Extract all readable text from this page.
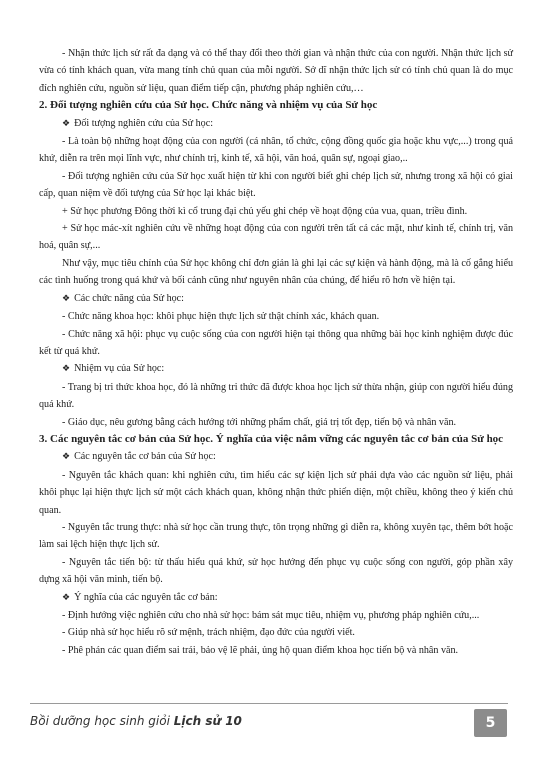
- Nhận thức lịch sử rất đa dạng và có thể thay đổi theo thời gian và nhận thức của con người. Nhận thức lịch sử vừa có tính khách quan, vừa mang tính chủ quan của mỗi người. Sở dĩ nhận thức lịch sử có tính chủ quan là do mục đích nghiên cứu, nguồn sử liệu, quan điểm tiếp cận, phương pháp nghiên cứu,…

2. Đối tượng nghiên cứu của Sử học. Chức năng và nhiệm vụ của Sử học

❖ Đối tượng nghiên cứu của Sử học:

- Là toàn bộ những hoạt động của con người (cá nhân, tổ chức, cộng đồng quốc gia hoặc khu vực,...) trong quá khứ, diễn ra trên mọi lĩnh vực, như chính trị, kinh tế, xã hội, văn hoá, quân sự, ngoại giao,..

- Đối tượng nghiên cứu của Sử học xuất hiện từ khi con người biết ghi chép lịch sử, nhưng trong xã hội có giai cấp, quan niệm về đối tượng của Sử học lại khác biệt.

+ Sử học phương Đông thời kì cổ trung đại chủ yếu ghi chép về hoạt động của vua, quan, triều đình.

+ Sử học mác-xít nghiên cứu về những hoạt động của con người trên tất cả các mặt, như kinh tế, chính trị, văn hoá, quân sự,...

Như vậy, mục tiêu chính của Sử học không chỉ đơn giản là ghi lại các sự kiện và hành động, mà là cố gắng hiểu các tình huống trong quá khứ và bối cảnh cũng như nguyên nhân của chúng, để hiểu rõ hơn về hiện tại.

❖ Các chức năng của Sử học:

- Chức năng khoa học: khôi phục hiện thực lịch sử thật chính xác, khách quan.

- Chức năng xã hội: phục vụ cuộc sống của con người hiện tại thông qua những bài học kinh nghiệm được đúc kết từ quá khứ.

❖ Nhiệm vụ của Sử học:

- Trang bị tri thức khoa học, đó là những tri thức đã được khoa học lịch sử thừa nhận, giúp con người hiểu đúng quá khứ.

- Giáo dục, nêu gương bằng cách hướng tới những phẩm chất, giá trị tốt đẹp, tiến bộ và nhân văn.

3. Các nguyên tắc cơ bản của Sử học. Ý nghĩa của việc nắm vững các nguyên tắc cơ bản của Sử học

❖ Các nguyên tắc cơ bản của Sử học:

- Nguyên tắc khách quan: khi nghiên cứu, tìm hiểu các sự kiện lịch sử phải dựa vào các nguồn sử liệu, phải khôi phục lại hiện thực lịch sử một cách khách quan, không nhận thức phiến diện, một chiều, không theo ý kiến chủ quan.

- Nguyên tắc trung thực: nhà sử học cần trung thực, tôn trọng những gì diễn ra, không xuyên tạc, thêm bớt hoặc làm sai lệch hiện thực lịch sử.

- Nguyên tắc tiến bộ: từ thấu hiểu quá khứ, sử học hướng đến phục vụ cuộc sống con người, góp phần xây dựng xã hội văn minh, tiến bộ.

❖ Ý nghĩa của các nguyên tắc cơ bản:

- Định hướng việc nghiên cứu cho nhà sử học: bám sát mục tiêu, nhiệm vụ, phương pháp nghiên cứu,...

- Giúp nhà sử học hiểu rõ sứ mệnh, trách nhiệm, đạo đức của người viết.

- Phê phán các quan điểm sai trái, bảo vệ lẽ phải, ủng hộ quan điểm khoa học tiến bộ và nhân văn.

Bồi dưỡng học sinh giỏi Lịch sử 10	5
